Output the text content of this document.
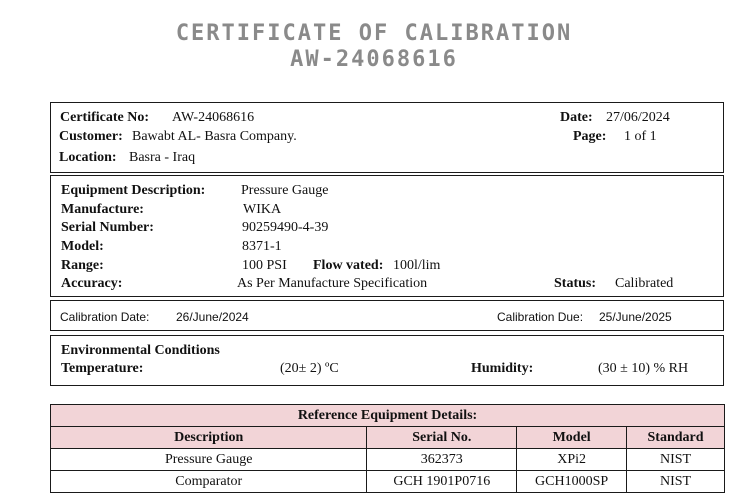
CERTIFICATE OF CALIBRATION
AW-24068616
Certificate No: AW-24068616
Customer: Bawabt AL- Basra Company.
Location: Basra - Iraq
Date: 27/06/2024
Page: 1 of 1
Equipment Description:	Pressure Gauge
Manufacture:	WIKA
Serial Number:	90259490-4-39
Model:	8371-1
Range:	100 PSI Flow vated: 100l/lim
Accuracy:	As Per Manufacture Specification	Status: Calibrated
Calibration Date: 26/June/2024	Calibration Due: 25/June/2025
Environmental Conditions
Temperature:	(20± 2) ºC	Humidity:	(30 ± 10) % RH
Reference Equipment Details:			
Description	Serial No.	Model	Standard
Pressure Gauge	362373	XPi2	NIST
Comparator	GCH 1901P0716	GCH1000SP	NIST
